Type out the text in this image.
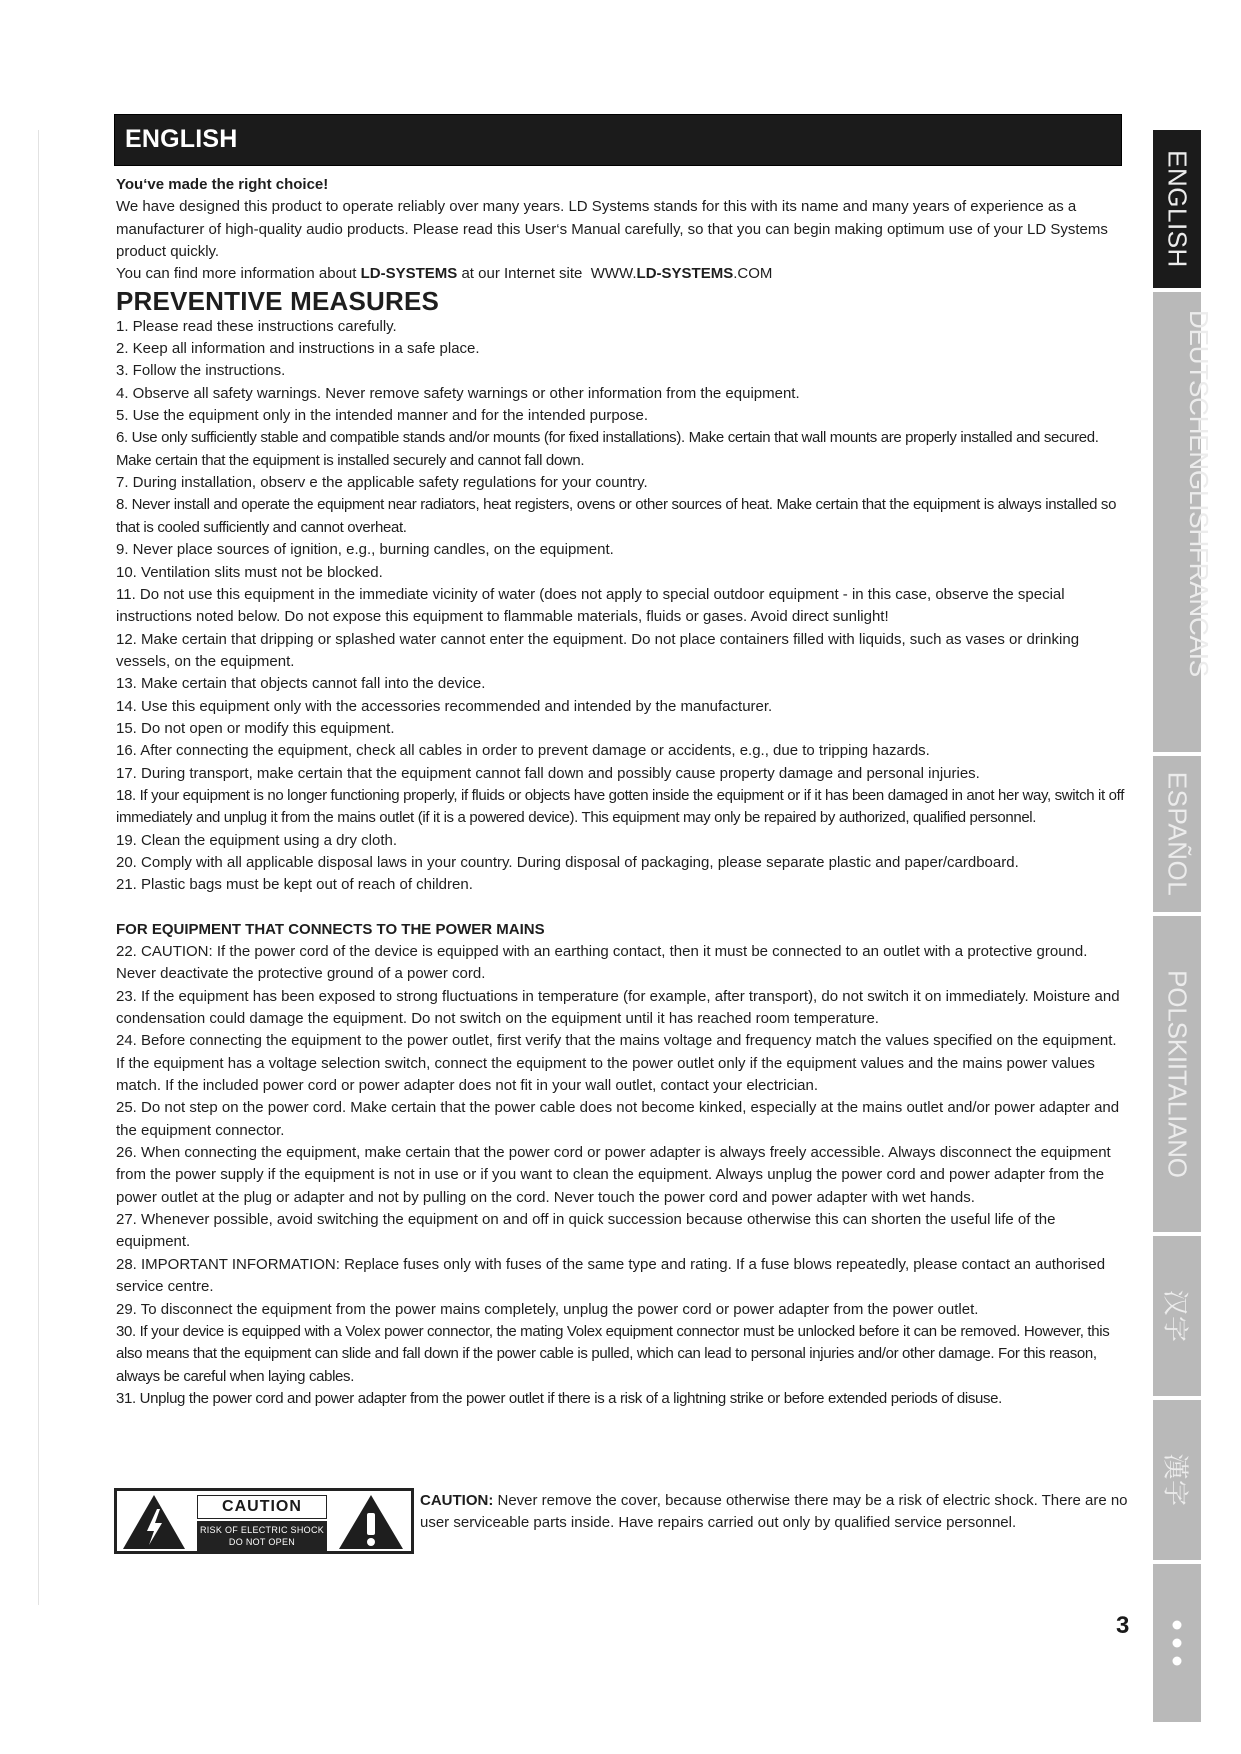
ENGLISH

You‘ve made the right choice!

We have designed this product to operate reliably over many years. LD Systems stands for this with its name and many years of experience as a manufacturer of high-quality audio products. Please read this User‘s Manual carefully, so that you can begin making optimum use of your LD Systems product quickly.

You can find more information about LD-SYSTEMS at our Internet site WWW.LD-SYSTEMS.COM

PREVENTIVE MEASURES

1. Please read these instructions carefully.

2. Keep all information and instructions in a safe place.

3. Follow the instructions.

4. Observe all safety warnings. Never remove safety warnings or other information from the equipment.

5. Use the equipment only in the intended manner and for the intended purpose.

6. Use only sufficiently stable and compatible stands and/or mounts (for fixed installations). Make certain that wall mounts are properly installed and secured. Make certain that the equipment is installed securely and cannot fall down.

7. During installation, observ e the applicable safety regulations for your country.

8. Never install and operate the equipment near radiators, heat registers, ovens or other sources of heat. Make certain that the equipment is always installed so that is cooled sufficiently and cannot overheat.

9. Never place sources of ignition, e.g., burning candles, on the equipment.

10. Ventilation slits must not be blocked.

11. Do not use this equipment in the immediate vicinity of water (does not apply to special outdoor equipment - in this case, observe the special instructions noted below. Do not expose this equipment to flammable materials, fluids or gases. Avoid direct sunlight!

12. Make certain that dripping or splashed water cannot enter the equipment. Do not place containers filled with liquids, such as vases or drinking vessels, on the equipment.

13. Make certain that objects cannot fall into the device.

14. Use this equipment only with the accessories recommended and intended by the manufacturer.

15. Do not open or modify this equipment.

16. After connecting the equipment, check all cables in order to prevent damage or accidents, e.g., due to tripping hazards.

17. During transport, make certain that the equipment cannot fall down and possibly cause property damage and personal injuries.

18. If your equipment is no longer functioning properly, if fluids or objects have gotten inside the equipment or if it has been damaged in anot her way, switch it off immediately and unplug it from the mains outlet (if it is a powered device). This equipment may only be repaired by authorized, qualified personnel.

19. Clean the equipment using a dry cloth.

20. Comply with all applicable disposal laws in your country. During disposal of packaging, please separate plastic and paper/cardboard.

21. Plastic bags must be kept out of reach of children.

FOR EQUIPMENT THAT CONNECTS TO THE POWER MAINS

22. CAUTION: If the power cord of the device is equipped with an earthing contact, then it must be connected to an outlet with a protective ground. Never deactivate the protective ground of a power cord.

23. If the equipment has been exposed to strong fluctuations in temperature (for example, after transport), do not switch it on immediately. Moisture and condensation could damage the equipment. Do not switch on the equipment until it has reached room temperature.

24. Before connecting the equipment to the power outlet, first verify that the mains voltage and frequency match the values specified on the equipment. If the equipment has a voltage selection switch, connect the equipment to the power outlet only if the equipment values and the mains power values match. If the included power cord or power adapter does not fit in your wall outlet, contact your electrician.

25. Do not step on the power cord. Make certain that the power cable does not become kinked, especially at the mains outlet and/or power adapter and the equipment connector.

26. When connecting the equipment, make certain that the power cord or power adapter is always freely accessible. Always disconnect the equipment from the power supply if the equipment is not in use or if you want to clean the equipment. Always unplug the power cord and power adapter from the power outlet at the plug or adapter and not by pulling on the cord. Never touch the power cord and power adapter with wet hands.

27. Whenever possible, avoid switching the equipment on and off in quick succession because otherwise this can shorten the useful life of the equipment.

28. IMPORTANT INFORMATION: Replace fuses only with fuses of the same type and rating. If a fuse blows repeatedly, please contact an authorised service centre.

29. To disconnect the equipment from the power mains completely, unplug the power cord or power adapter from the power outlet.

30. If your device is equipped with a Volex power connector, the mating Volex equipment connector must be unlocked before it can be removed. However, this also means that the equipment can slide and fall down if the power cable is pulled, which can lead to personal injuries and/or other damage. For this reason, always be careful when laying cables.

31. Unplug the power cord and power adapter from the power outlet if there is a risk of a lightning strike or before extended periods of disuse.

CAUTION
RISK OF ELECTRIC SHOCK
DO NOT OPEN
CAUTION: Never remove the cover, because otherwise there may be a risk of electric shock. There are no user serviceable parts inside. Have repairs carried out only by qualified service personnel.
ENGLISH
DEUTSCHENGLISHFRANCAIS
ESPAÑOL
POLSKIITALIANO
汉字
漢字
3
